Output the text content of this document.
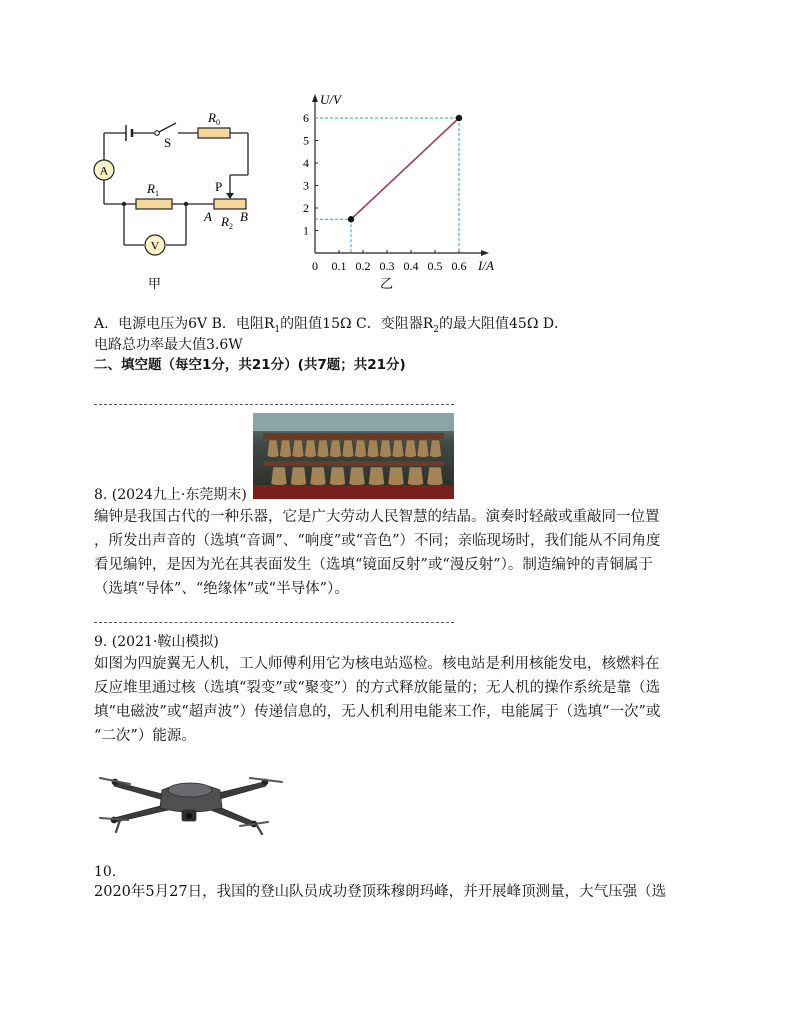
A
V
$R_0$
S
P
$R_1$
A $R_2$
B
甲
0 0.1 0.2 0.3 0.4 0.5 0.6
1
2
3
4
5
6
U/V
I/A
乙
A．电源电压为6V B．电阻$R_1$的阻值15Ω C．变阻器$R_2$的最大阻值45Ω D．
电路总功率最大值3.6W
二、填空题（每空1分，共21分）(共7题；共21分)
8. (2024九上·东莞期末)
编钟是我国古代的一种乐器，它是广大劳动人民智慧的结晶。演奏时轻敲或重敲同一位置
，所发出声音的（选填“音调”、“响度”或“音色”）不同；亲临现场时，我们能从不同角度
看见编钟，是因为光在其表面发生（选填“镜面反射”或“漫反射”）。制造编钟的青铜属于
（选填“导体”、“绝缘体”或“半导体”）。
9. (2021·鞍山模拟)
如图为四旋翼无人机，工人师傅利用它为核电站巡检。核电站是利用核能发电，核燃料在
反应堆里通过核（选填“裂变”或“聚变”）的方式释放能量的；无人机的操作系统是靠（选
填“电磁波”或“超声波”）传递信息的，无人机利用电能来工作，电能属于（选填“一次”或
“二次”）能源。
10.
2020年5月27日，我国的登山队员成功登顶珠穆朗玛峰，并开展峰顶测量，大气压强（选
